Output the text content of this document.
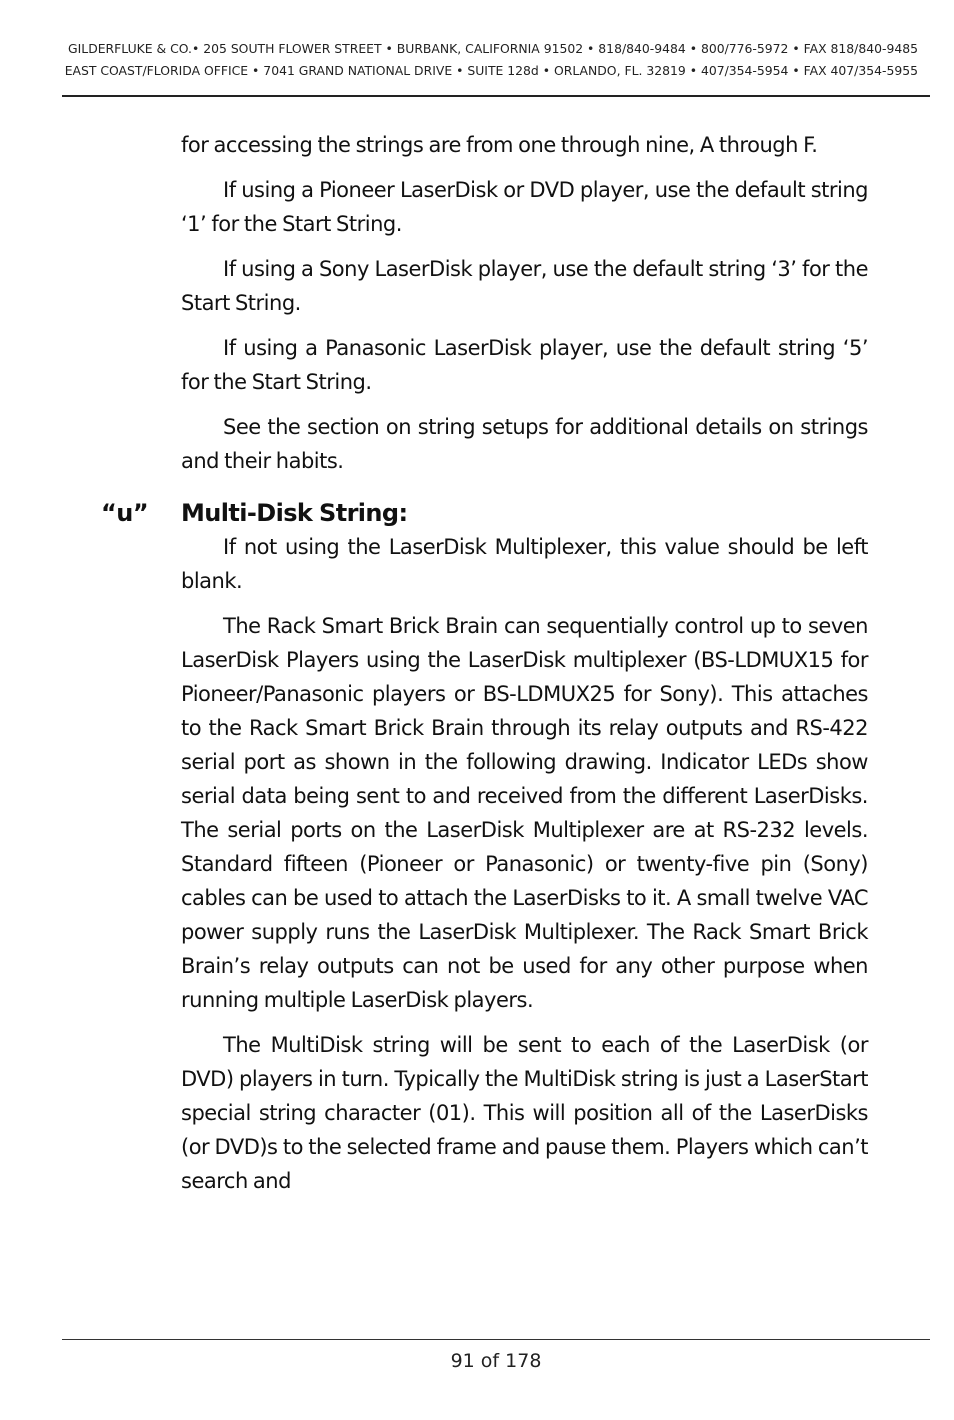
GILDERFLUKE & CO.• 205 SOUTH FLOWER STREET • BURBANK, CALIFORNIA 91502 • 818/840-9484 • 800/776-5972 • FAX 818/840-9485
EAST COAST/FLORIDA OFFICE • 7041 GRAND NATIONAL DRIVE • SUITE 128d • ORLANDO, FL. 32819 • 407/354-5954 • FAX 407/354-5955

for accessing the strings are from one through nine, A through F.

If using a Pioneer LaserDisk or DVD player, use the default string ‘1’ for the Start String.

If using a Sony LaserDisk player, use the default string ‘3’ for the Start String.

If using a Panasonic LaserDisk player, use the default string ‘5’ for the Start String.

See the section on string setups for additional details on strings and their habits.

“u” Multi-Disk String:

If not using the LaserDisk Multiplexer, this value should be left blank.

The Rack Smart Brick Brain can sequentially control up to seven LaserDisk Players using the LaserDisk multiplexer (BS-LDMUX15 for Pioneer/Panasonic players or BS-LDMUX25 for Sony). This attaches to the Rack Smart Brick Brain through its relay outputs and RS-422 serial port as shown in the following drawing. Indicator LEDs show serial data being sent to and received from the different LaserDisks. The serial ports on the LaserDisk Multiplexer are at RS-232 levels. Standard fifteen (Pioneer or Panasonic) or twenty-five pin (Sony) cables can be used to attach the LaserDisks to it. A small twelve VAC power supply runs the LaserDisk Multiplexer. The Rack Smart Brick Brain’s relay outputs can not be used for any other purpose when running multiple LaserDisk players.

The MultiDisk string will be sent to each of the LaserDisk (or DVD) players in turn. Typically the MultiDisk string is just a LaserStart special string character (01). This will position all of the LaserDisks (or DVD)s to the selected frame and pause them. Players which can’t search and

91 of 178
